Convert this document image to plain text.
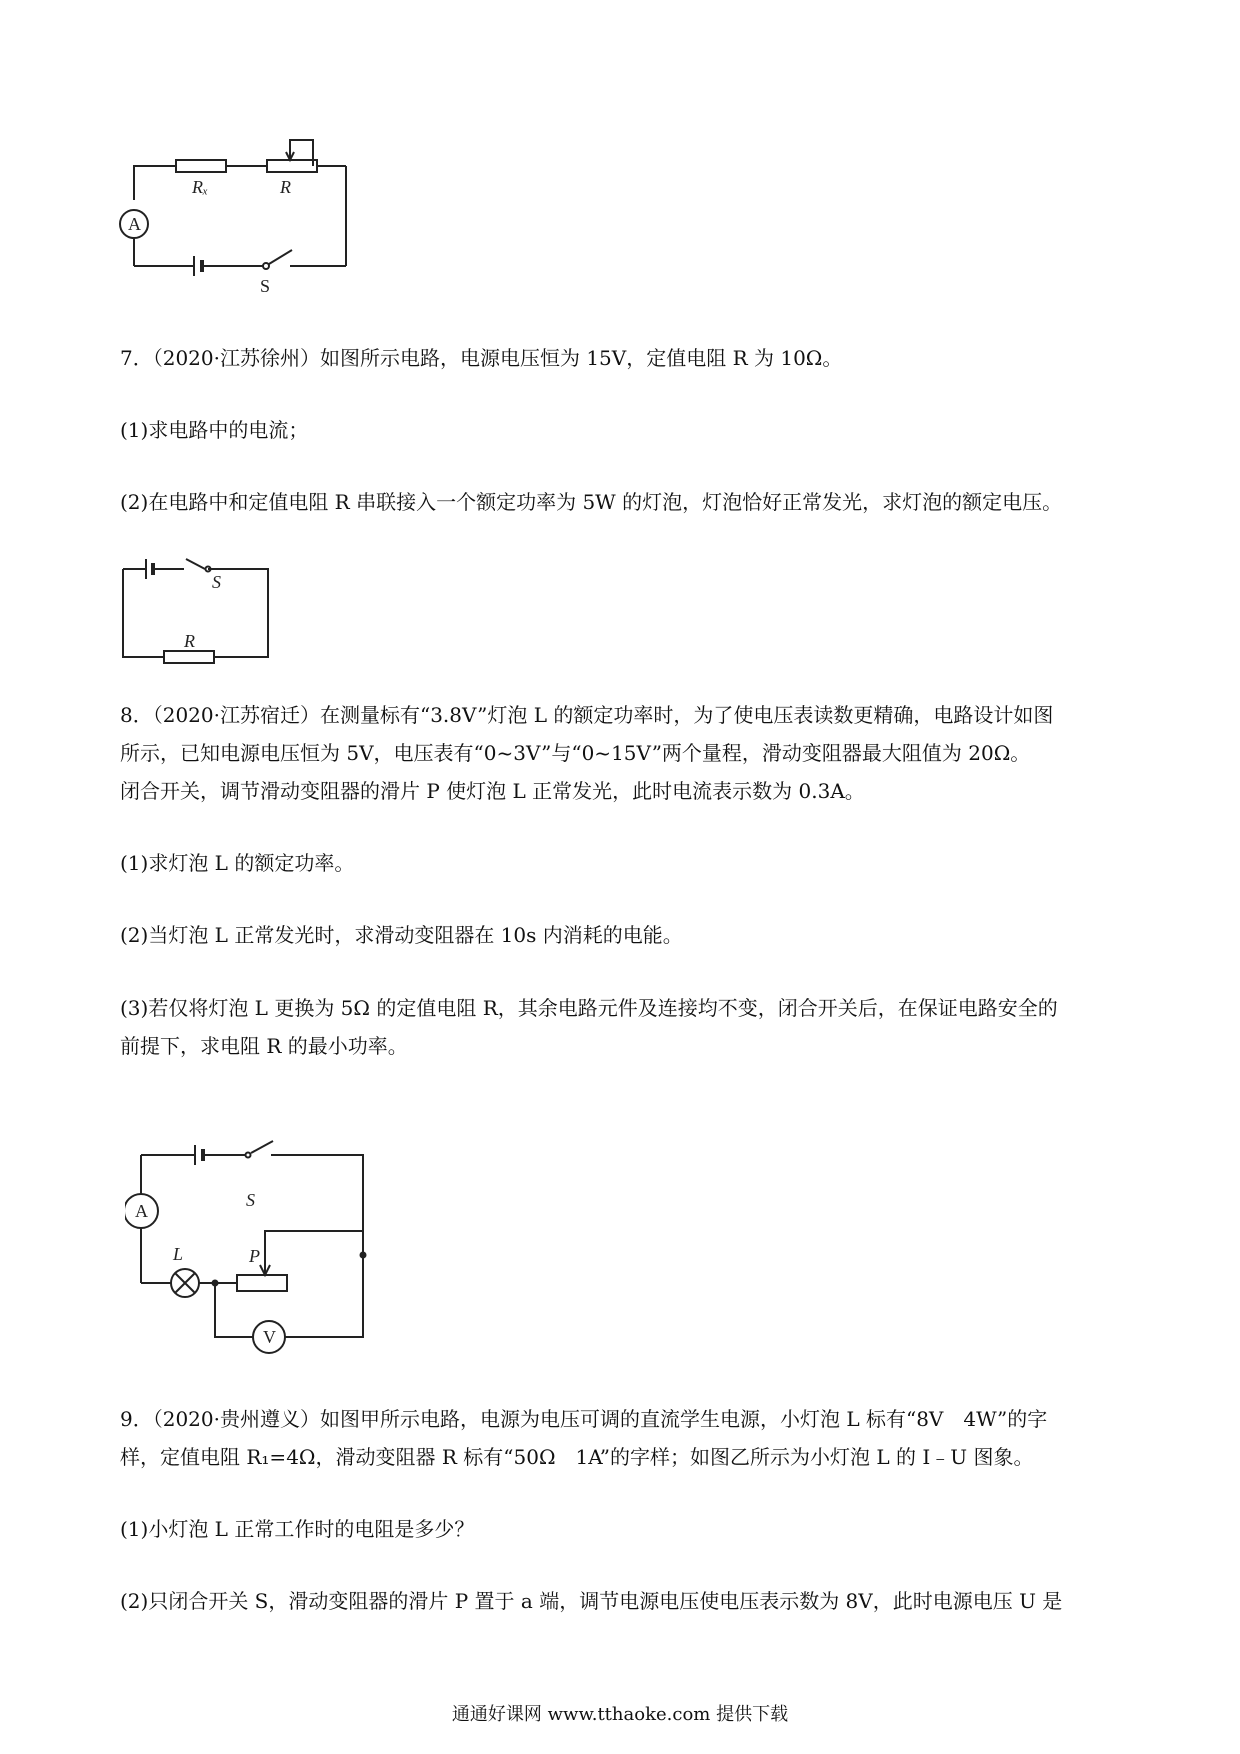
Rₓ	R
A
S
7．（2020·江苏徐州）如图所示电路，电源电压恒为 15V，定值电阻 R 为 10Ω。
(1)求电路中的电流；
(2)在电路中和定值电阻 R 串联接入一个额定功率为 5W 的灯泡，灯泡恰好正常发光，求灯泡的额定电压。
S
R
8．（2020·江苏宿迁）在测量标有“3.8V”灯泡 L 的额定功率时，为了使电压表读数更精确，电路设计如图
所示，已知电源电压恒为 5V，电压表有“0~3V”与“0~15V”两个量程，滑动变阻器最大阻值为 20Ω。
闭合开关，调节滑动变阻器的滑片 P 使灯泡 L 正常发光，此时电流表示数为 0.3A。
(1)求灯泡 L 的额定功率。
(2)当灯泡 L 正常发光时，求滑动变阻器在 10s 内消耗的电能。
(3)若仅将灯泡 L 更换为 5Ω 的定值电阻 R，其余电路元件及连接均不变，闭合开关后，在保证电路安全的
前提下，求电阻 R 的最小功率。
S
A
L	P
V
9．（2020·贵州遵义）如图甲所示电路，电源为电压可调的直流学生电源，小灯泡 L 标有“8V　4W”的字
样，定值电阻 R₁=4Ω，滑动变阻器 R 标有“50Ω　1A”的字样；如图乙所示为小灯泡 L 的 I﹣U 图象。
(1)小灯泡 L 正常工作时的电阻是多少？
(2)只闭合开关 S，滑动变阻器的滑片 P 置于 a 端，调节电源电压使电压表示数为 8V，此时电源电压 U 是
通通好课网 www.tthaoke.com 提供下载
